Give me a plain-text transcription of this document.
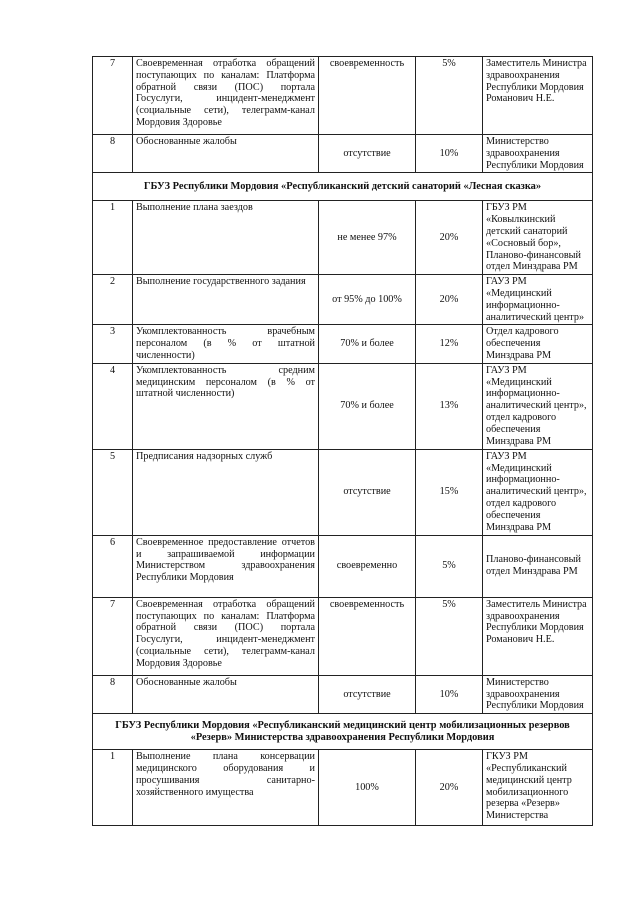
7	Своевременная отработка обращений поступающих по каналам: Платформа обратной связи (ПОС) портала Госуслуги, инцидент-менеджмент (социальные сети), телеграмм-канал Мордовия Здоровье	своевременность	5%	Заместитель Министра здравоохранения Республики Мордовия Романович Н.Е.
8	Обоснованные жалобы	отсутствие	10%	Министерство здравоохранения Республики Мордовия
ГБУЗ Республики Мордовия «Республиканский детский санаторий «Лесная сказка»				
1	Выполнение плана заездов	не менее 97%	20%	ГБУЗ РМ «Ковылкинский детский санаторий «Сосновый бор», Планово-финансовый отдел Минздрава РМ
2	Выполнение государственного задания	от 95% до 100%	20%	ГАУЗ РМ «Медицинский информационно-аналитический центр»
3	Укомплектованность врачебным персоналом (в % от штатной численности)	70% и более	12%	Отдел кадрового обеспечения Минздрава РМ
4	Укомплектованность средним медицинским персоналом (в % от штатной численности)	70% и более	13%	ГАУЗ РМ «Медицинский информационно-аналитический центр», отдел кадрового обеспечения Минздрава РМ
5	Предписания надзорных служб	отсутствие	15%	ГАУЗ РМ «Медицинский информационно-аналитический центр», отдел кадрового обеспечения Минздрава РМ
6	Своевременное предоставление отчетов и запрашиваемой информации Министерством здравоохранения Республики Мордовия	своевременно	5%	Планово-финансовый отдел Минздрава РМ
7	Своевременная отработка обращений поступающих по каналам: Платформа обратной связи (ПОС) портала Госуслуги, инцидент-менеджмент (социальные сети), телеграмм-канал Мордовия Здоровье	своевременность	5%	Заместитель Министра здравоохранения Республики Мордовия Романович Н.Е.
8	Обоснованные жалобы	отсутствие	10%	Министерство здравоохранения Республики Мордовия
ГБУЗ Республики Мордовия «Республиканский медицинский центр мобилизационных резервов «Резерв» Министерства здравоохранения Республики Мордовия				
1	Выполнение плана консервации медицинского оборудования и просушивания санитарно-хозяйственного имущества	100%	20%	ГКУЗ РМ «Республиканский медицинский центр мобилизационного резерва «Резерв» Министерства
